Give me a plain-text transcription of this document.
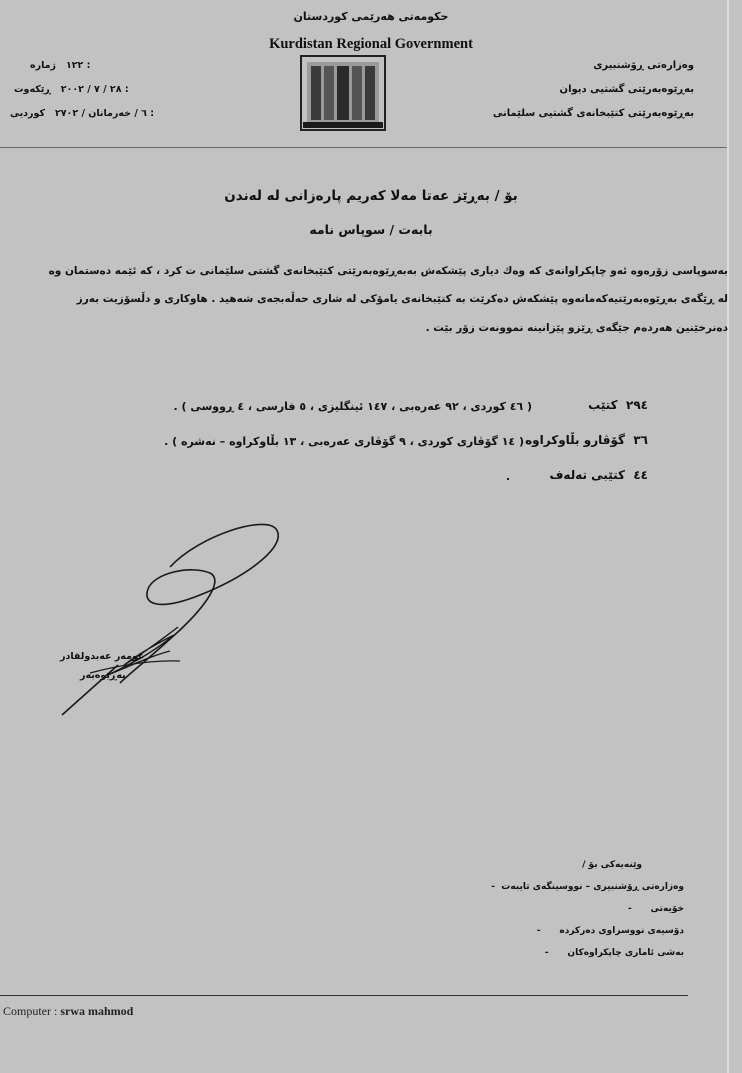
حکومەتی هەرێمی کوردستان
Kurdistan Regional Government
١٢٢   ژمارە :
٢٨ / ٧ / ٢٠٠٢   ڕێکەوت :
٦ / خەرمانان / ٢٧٠٢   کوردیی :
وەزارەتی ڕۆشنبیری
بەڕێوەبەرێتی گشتیی دیوان
بەڕێوەبەرێتی کتێبخانەی گشتیی سلێمانی
بۆ / بەڕێز عەتا مەلا کەریم پارەزانی لە لەندن
بابەت / سوپاس نامە
بەسوپاسی زۆرەوە ئەو چاپکراوانەی کە وەك دیاری پێشکەش بەبەڕێوەبەرێتی کتێبخانەی گشتی سلێمانی ت کرد ، کە ئێمە دەستمان وە
لە ڕێگەی بەڕێوەبەرێتیەکەمانەوە پێشکەش دەکرێت بە کتێبخانەی یامۆکی لە شاری حەڵەبجەی شەهید . هاوکاری و دڵسۆزیت بەرز
دەنرخێنین هەردەم جێگەی ڕێزو پێزانینە نموونەت زۆر بێت .
٢٩٤  کتێب
( ٤٦ کوردی ، ٩٢ عەرەبی ، ١٤٧ ئینگلیزی ، ٥ فارسی ، ٤ ڕووسی ) .
٣٦  گۆڤارو بڵاوکراوە
( ١٤ گۆڤاری کوردی ، ٩ گۆڤاری عەرەبی ، ١٣ بڵاوکراوە – نەشرە ) .
٤٤  کتێبی تەلەف
.
عومەر عەبدولقادر
بەڕێوەبەر
وێنەیەکی بۆ /
وەزارەتی ڕۆشنبیری – نووسینگەی تایبەت  -
خۆیەتی      -
دۆسیەی نووسراوی دەرکردە      -
بەشی ئاماری چاپکراوەکان      -
Computer : srwa mahmod
